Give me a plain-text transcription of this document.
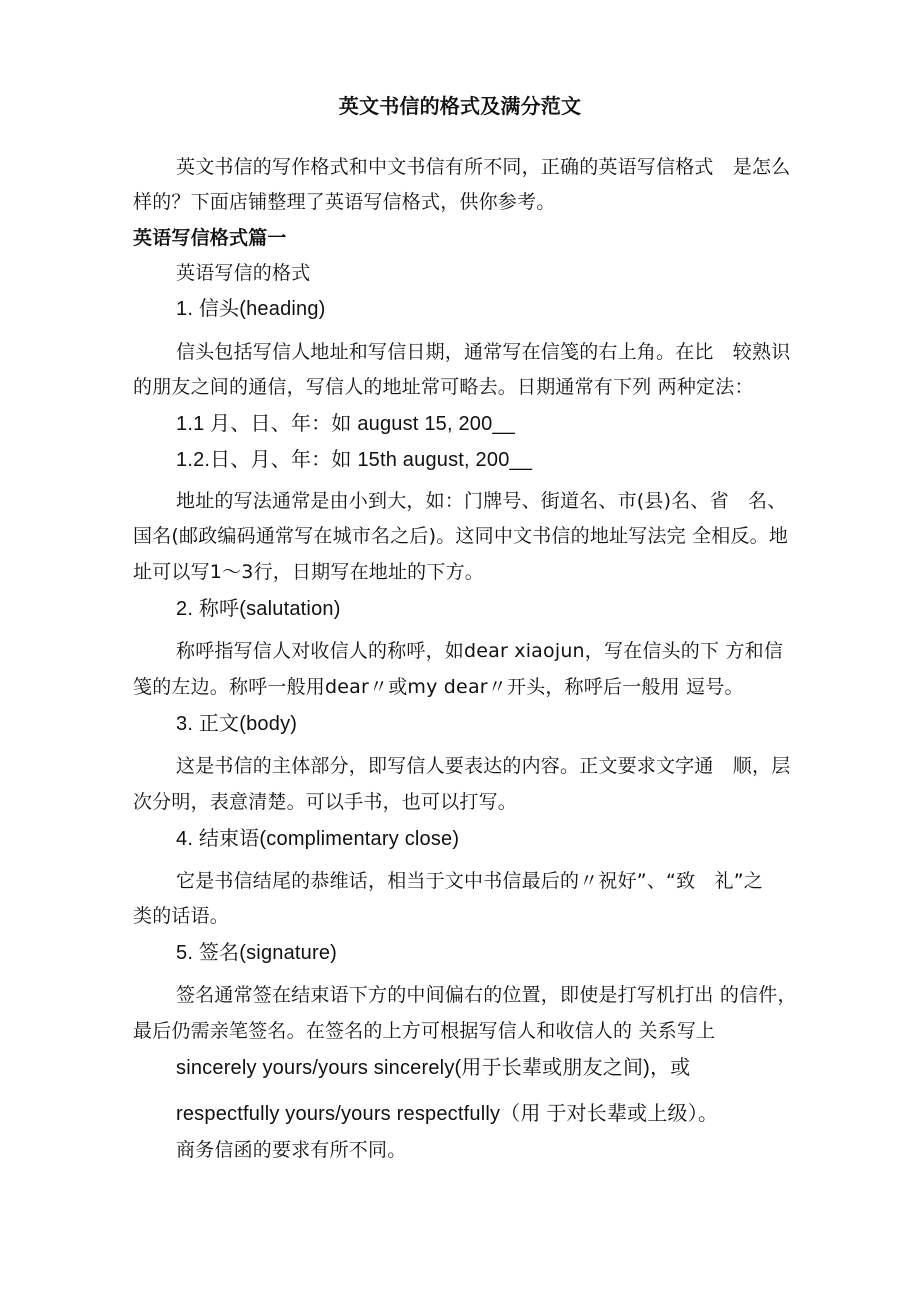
英文书信的格式及满分范文
英文书信的写作格式和中文书信有所不同，正确的英语写信格式　是怎么
样的？下面店铺整理了英语写信格式，供你参考。
英语写信格式篇一
英语写信的格式
1. 信头(heading)
信头包括写信人地址和写信日期，通常写在信笺的右上角。在比　较熟识
的朋友之间的通信，写信人的地址常可略去。日期通常有下列 两种定法：
1.1 月、日、年：如 august 15, 200__
1.2.日、月、年：如 15th august, 200__
地址的写法通常是由小到大，如：门牌号、街道名、市(县)名、省　名、
国名(邮政编码通常写在城市名之后)。这同中文书信的地址写法完 全相反。地
址可以写1～3行，日期写在地址的下方。
2. 称呼(salutation)
称呼指写信人对收信人的称呼，如dear xiaojun，写在信头的下 方和信
笺的左边。称呼一般用dear〃或my dear〃开头，称呼后一般用 逗号。
3. 正文(body)
这是书信的主体部分，即写信人要表达的内容。正文要求文字通　顺，层
次分明，表意清楚。可以手书，也可以打写。
4. 结束语(complimentary close)
它是书信结尾的恭维话，相当于文中书信最后的〃祝好”、“致　礼”之
类的话语。
5. 签名(signature)
签名通常签在结束语下方的中间偏右的位置，即使是打写机打出 的信件，
最后仍需亲笔签名。在签名的上方可根据写信人和收信人的 关系写上
sincerely yours/yours sincerely(用于长辈或朋友之间)，或
respectfully yours/yours respectfully（用 于对长辈或上级）。
商务信函的要求有所不同。
